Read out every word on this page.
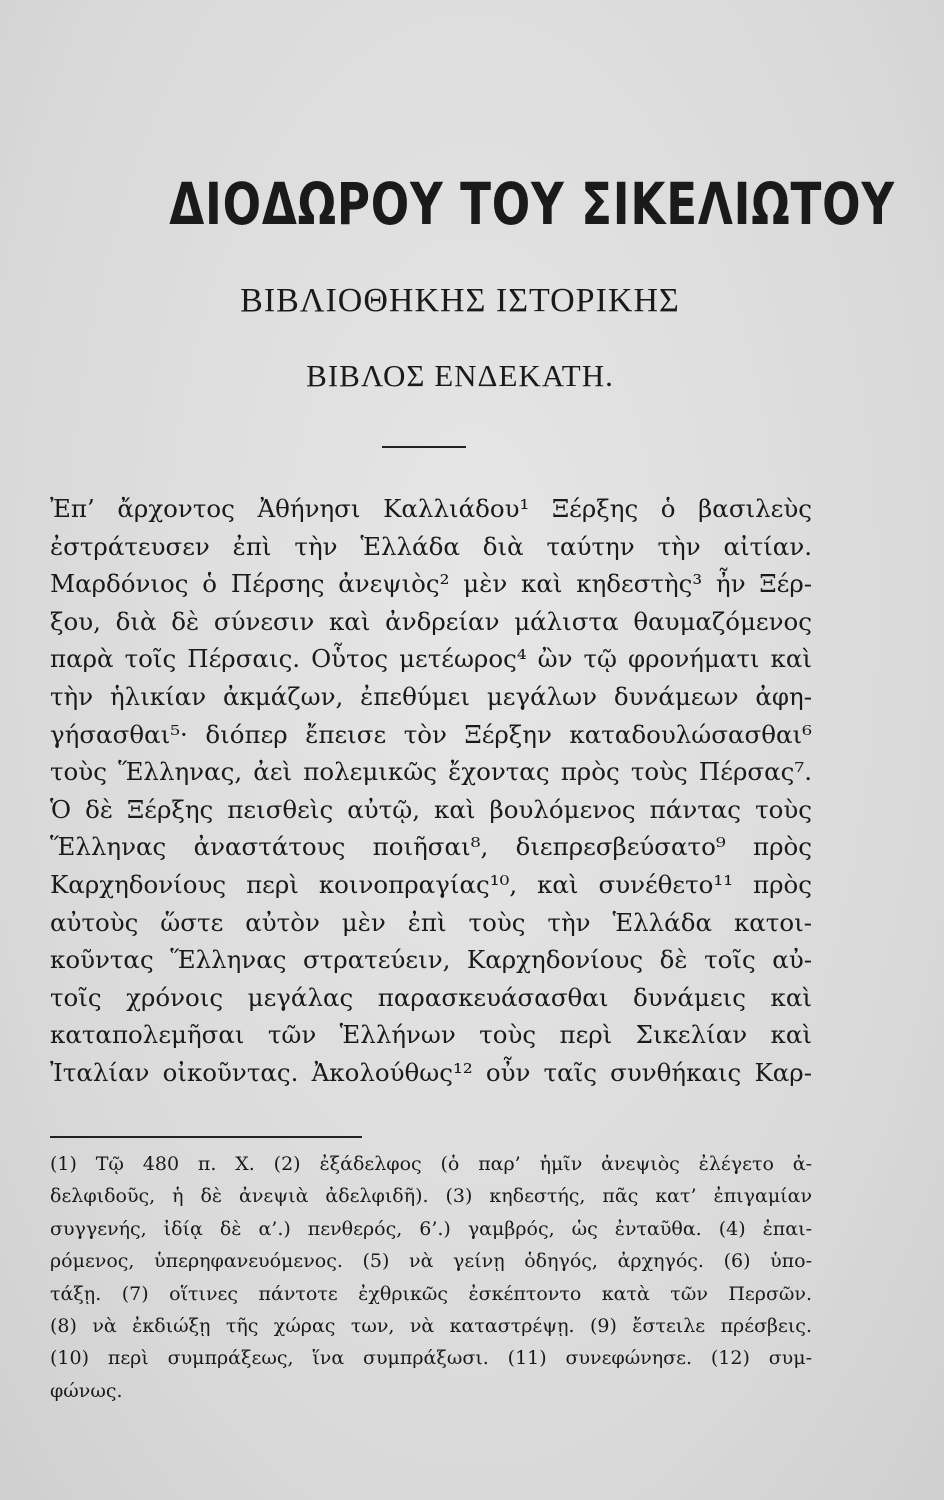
ΔΙΟΔΩΡΟΥ ΤΟΥ ΣΙΚΕΛΙΩΤΟΥ
ΒΙΒΛΙΟΘΗΚΗΣ ΙΣΤΟΡΙΚΗΣ
ΒΙΒΛΟΣ ΕΝΔΕΚΑΤΗ.
Ἐπ’ ἄρχοντος Ἀθήνησι Καλλιάδου¹ Ξέρξης ὁ βασιλεὺς
ἐστράτευσεν ἐπὶ τὴν Ἑλλάδα διὰ ταύτην τὴν αἰτίαν.
Μαρδόνιος ὁ Πέρσης ἀνεψιὸς² μὲν καὶ κηδεστὴς³ ἦν Ξέρ-
ξου, διὰ δὲ σύνεσιν καὶ ἀνδρείαν μάλιστα θαυμαζόμενος
παρὰ τοῖς Πέρσαις. Οὗτος μετέωρος⁴ ὢν τῷ φρονήματι καὶ
τὴν ἡλικίαν ἀκμάζων, ἐπεθύμει μεγάλων δυνάμεων ἀφη-
γήσασθαι⁵· διόπερ ἔπεισε τὸν Ξέρξην καταδουλώσασθαι⁶
τοὺς Ἕλληνας, ἀεὶ πολεμικῶς ἔχοντας πρὸς τοὺς Πέρσας⁷.
Ὁ δὲ Ξέρξης πεισθεὶς αὐτῷ, καὶ βουλόμενος πάντας τοὺς
Ἕλληνας ἀναστάτους ποιῆσαι⁸, διεπρεσβεύσατο⁹ πρὸς
Καρχηδονίους περὶ κοινοπραγίας¹⁰, καὶ συνέθετο¹¹ πρὸς
αὐτοὺς ὥστε αὐτὸν μὲν ἐπὶ τοὺς τὴν Ἑλλάδα κατοι-
κοῦντας Ἕλληνας στρατεύειν, Καρχηδονίους δὲ τοῖς αὐ-
τοῖς χρόνοις μεγάλας παρασκευάσασθαι δυνάμεις καὶ
καταπολεμῆσαι τῶν Ἑλλήνων τοὺς περὶ Σικελίαν καὶ
Ἰταλίαν οἰκοῦντας. Ἀκολούθως¹² οὖν ταῖς συνθήκαις Καρ-
(1) Τῷ 480 π. Χ. (2) ἐξάδελφος (ὁ παρ’ ἡμῖν ἀνεψιὸς ἐλέγετο ἀ-
δελφιδοῦς, ἡ δὲ ἀνεψιὰ ἀδελφιδῆ). (3) κηδεστής, πᾶς κατ’ ἐπιγαμίαν
συγγενής, ἰδίᾳ δὲ α’.) πενθερός, 6’.) γαμβρός, ὡς ἐνταῦθα. (4) ἐπαι-
ρόμενος, ὑπερηφανευόμενος. (5) νὰ γείνῃ ὁδηγός, ἀρχηγός. (6) ὑπο-
τάξῃ. (7) οἵτινες πάντοτε ἐχθρικῶς ἐσκέπτοντο κατὰ τῶν Περσῶν.
(8) νὰ ἐκδιώξῃ τῆς χώρας των, νὰ καταστρέψῃ. (9) ἔστειλε πρέσβεις.
(10) περὶ συμπράξεως, ἵνα συμπράξωσι. (11) συνεφώνησε. (12) συμ-
φώνως.
